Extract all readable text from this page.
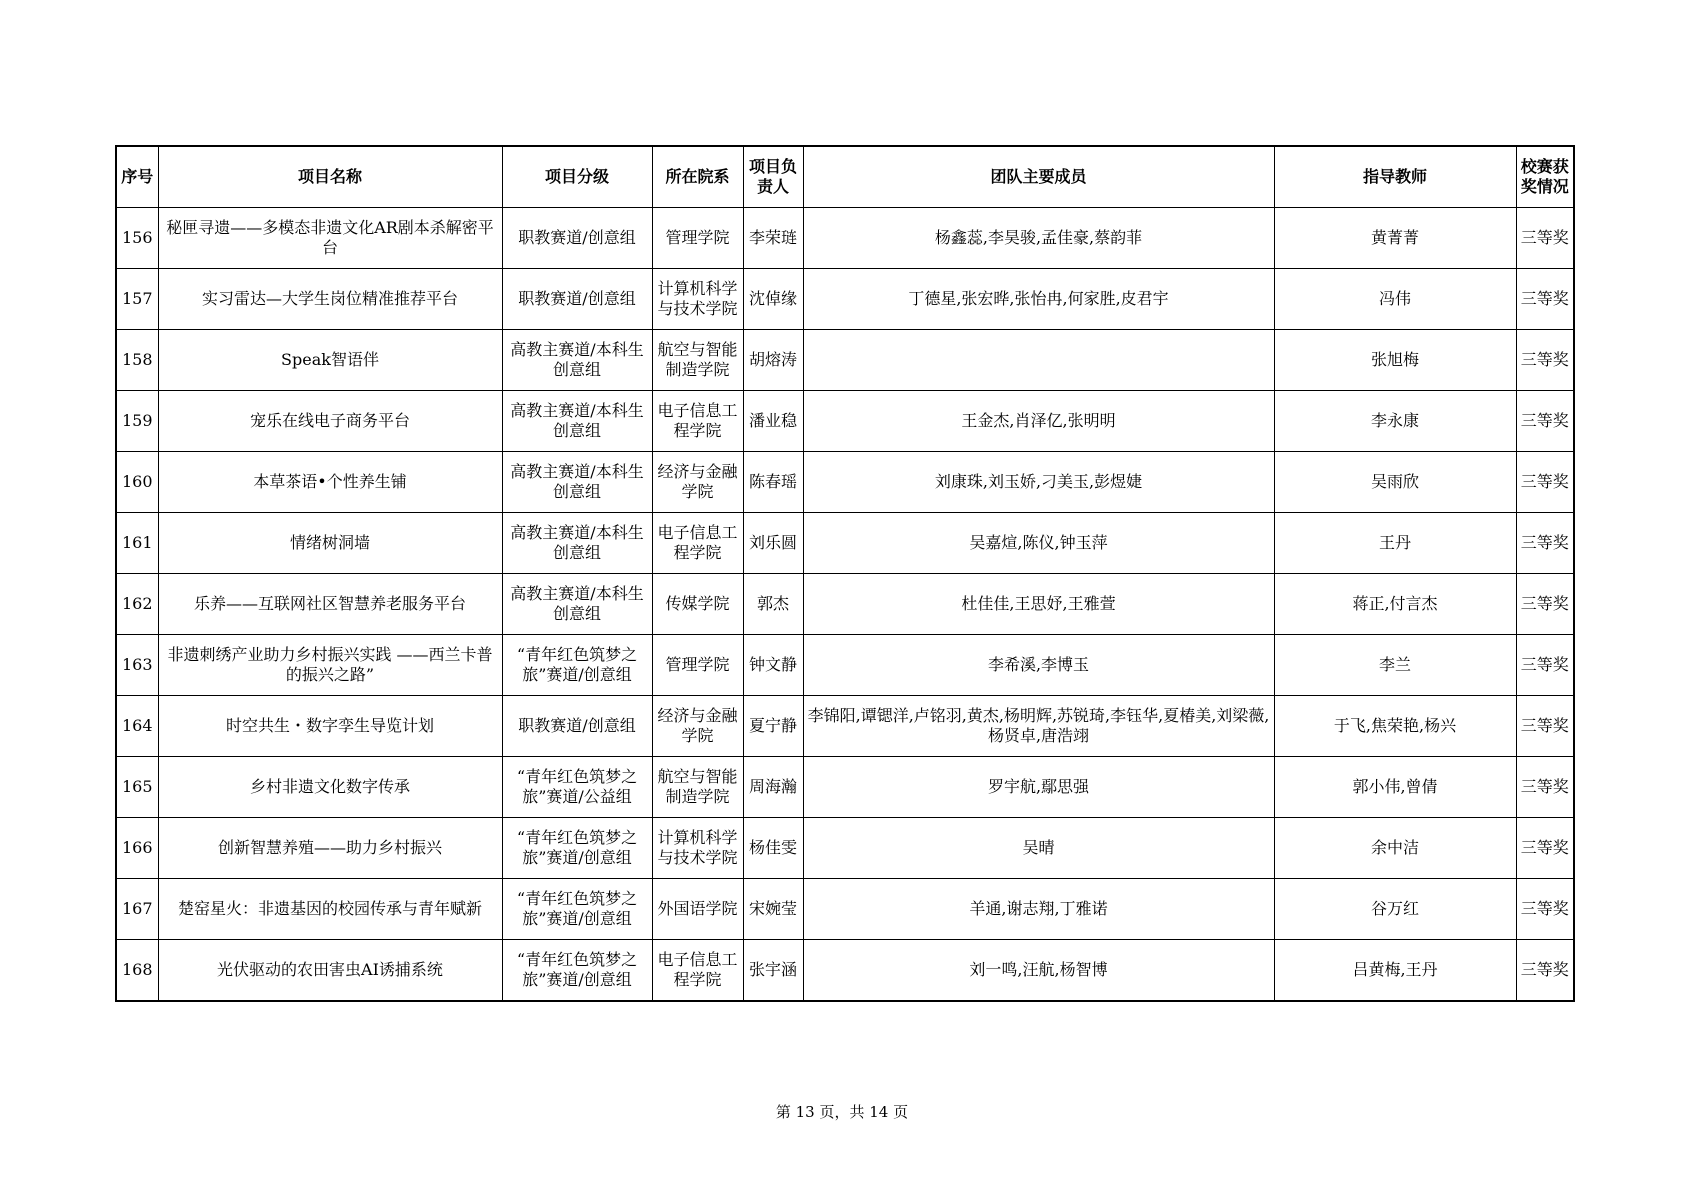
序号	项目名称	项目分级	所在院系	项目负责人	团队主要成员	指导教师	校赛获奖情况
156	秘匣寻遗——多模态非遗文化AR剧本杀解密平台	职教赛道/创意组	管理学院	李荣琏	杨鑫蕊,李昊骏,孟佳豪,蔡韵菲	黄菁菁	三等奖
157	实习雷达—大学生岗位精准推荐平台	职教赛道/创意组	计算机科学与技术学院	沈倬缘	丁德星,张宏晔,张怡冉,何家胜,皮君宇	冯伟	三等奖
158	Speak智语伴	高教主赛道/本科生创意组	航空与智能制造学院	胡熔涛		张旭梅	三等奖
159	宠乐在线电子商务平台	高教主赛道/本科生创意组	电子信息工程学院	潘业稳	王金杰,肖泽亿,张明明	李永康	三等奖
160	本草茶语•个性养生铺	高教主赛道/本科生创意组	经济与金融学院	陈春瑶	刘康珠,刘玉娇,刁美玉,彭煜婕	吴雨欣	三等奖
161	情绪树洞墙	高教主赛道/本科生创意组	电子信息工程学院	刘乐圆	吴嘉煊,陈仪,钟玉萍	王丹	三等奖
162	乐养——互联网社区智慧养老服务平台	高教主赛道/本科生创意组	传媒学院	郭杰	杜佳佳,王思妤,王雅萱	蒋正,付言杰	三等奖
163	非遗刺绣产业助力乡村振兴实践 ——西兰卡普的振兴之路”	“青年红色筑梦之旅”赛道/创意组	管理学院	钟文静	李希溪,李博玉	李兰	三等奖
164	时空共生・数字孪生导览计划	职教赛道/创意组	经济与金融学院	夏宁静	李锦阳,谭锶洋,卢铭羽,黄杰,杨明辉,苏锐琦,李钰华,夏椿美,刘梁薇,杨贤卓,唐浩翊	于飞,焦荣艳,杨兴	三等奖
165	乡村非遗文化数字传承	“青年红色筑梦之旅”赛道/公益组	航空与智能制造学院	周海瀚	罗宇航,鄢思强	郭小伟,曾倩	三等奖
166	创新智慧养殖——助力乡村振兴	“青年红色筑梦之旅”赛道/创意组	计算机科学与技术学院	杨佳雯	吴晴	余中洁	三等奖
167	楚窑星火：非遗基因的校园传承与青年赋新	“青年红色筑梦之旅”赛道/创意组	外国语学院	宋婉莹	羊通,谢志翔,丁雅诺	谷万红	三等奖
168	光伏驱动的农田害虫AI诱捕系统	“青年红色筑梦之旅”赛道/创意组	电子信息工程学院	张宇涵	刘一鸣,汪航,杨智博	吕黄梅,王丹	三等奖
第 13 页，共 14 页
